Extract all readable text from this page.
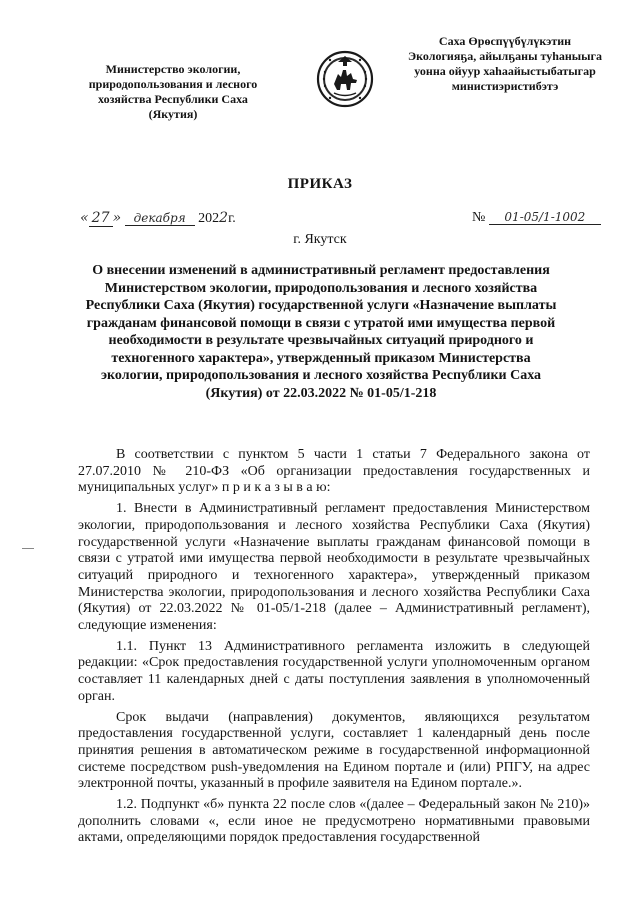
Министерство экологии,
природопользования и лесного
хозяйства Республики Саха
(Якутия)
Саха Өрөспүүбүлүкэтин
Экологияҕа, айылҕаны туһаныыга
уонна ойуур хаһаайыстыбатыгар
министиэристибэтэ
ПРИКАЗ
« 27 » декабря 2022г.	№ 01-05/1-1002
г. Якутск
О внесении изменений в административный регламент предоставления Министерством экологии, природопользования и лесного хозяйства Республики Саха (Якутия) государственной услуги «Назначение выплаты гражданам финансовой помощи в связи с утратой ими имущества первой необходимости в результате чрезвычайных ситуаций природного и техногенного характера», утвержденный приказом Министерства экологии, природопользования и лесного хозяйства Республики Саха (Якутия) от 22.03.2022 № 01-05/1-218

В соответствии с пунктом 5 части 1 статьи 7 Федерального закона от 27.07.2010 № 210-ФЗ «Об организации предоставления государственных и муниципальных услуг» п р и к а з ы в а ю:

1. Внести в Административный регламент предоставления Министерством экологии, природопользования и лесного хозяйства Республики Саха (Якутия) государственной услуги «Назначение выплаты гражданам финансовой помощи в связи с утратой ими имущества первой необходимости в результате чрезвычайных ситуаций природного и техногенного характера», утвержденный приказом Министерства экологии, природопользования и лесного хозяйства Республики Саха (Якутия) от 22.03.2022 № 01-05/1-218 (далее – Административный регламент), следующие изменения:

1.1. Пункт 13 Административного регламента изложить в следующей редакции: «Срок предоставления государственной услуги уполномоченным органом составляет 11 календарных дней с даты поступления заявления в уполномоченный орган.

Срок выдачи (направления) документов, являющихся результатом предоставления государственной услуги, составляет 1 календарный день после принятия решения в автоматическом режиме в государственной информационной системе посредством push-уведомления на Едином портале и (или) РПГУ, на адрес электронной почты, указанный в профиле заявителя на Едином портале.».

1.2. Подпункт «б» пункта 22 после слов «(далее – Федеральный закон № 210)» дополнить словами «, если иное не предусмотрено нормативными правовыми актами, определяющими порядок предоставления государственной
